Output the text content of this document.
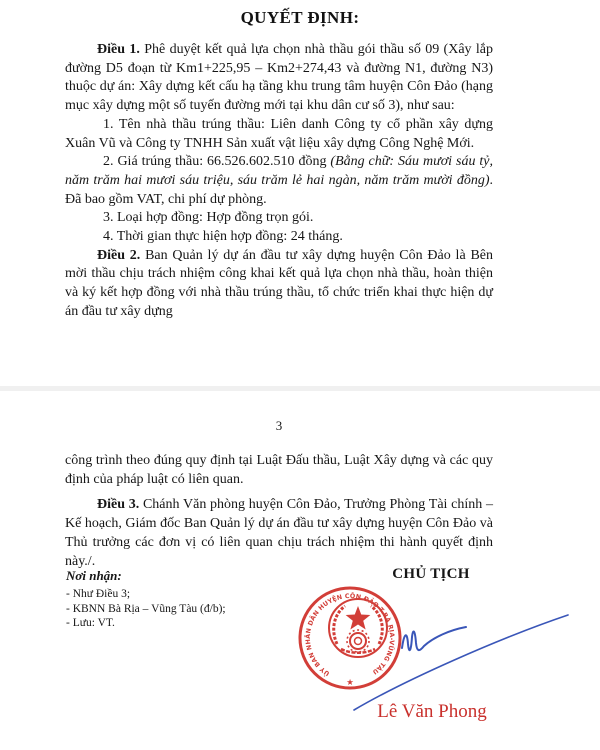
QUYẾT ĐỊNH:

Điều 1. Phê duyệt kết quả lựa chọn nhà thầu gói thầu số 09 (Xây lắp đường D5 đoạn từ Km1+225,95 – Km2+274,43 và đường N1, đường N3) thuộc dự án: Xây dựng kết cấu hạ tầng khu trung tâm huyện Côn Đảo (hạng mục xây dựng một số tuyến đường mới tại khu dân cư số 3), như sau:

1. Tên nhà thầu trúng thầu: Liên danh Công ty cổ phần xây dựng Xuân Vũ và Công ty TNHH Sản xuất vật liệu xây dựng Công Nghệ Mới.

2. Giá trúng thầu: 66.526.602.510 đồng (Bằng chữ: Sáu mươi sáu tỷ, năm trăm hai mươi sáu triệu, sáu trăm lẻ hai ngàn, năm trăm mười đồng). Đã bao gồm VAT, chi phí dự phòng.

3. Loại hợp đồng: Hợp đồng trọn gói.

4. Thời gian thực hiện hợp đồng: 24 tháng.

Điều 2. Ban Quản lý dự án đầu tư xây dựng huyện Côn Đảo là Bên mời thầu chịu trách nhiệm công khai kết quả lựa chọn nhà thầu, hoàn thiện và ký kết hợp đồng với nhà thầu trúng thầu, tổ chức triển khai thực hiện dự án đầu tư xây dựng

3

công trình theo đúng quy định tại Luật Đấu thầu, Luật Xây dựng và các quy định của pháp luật có liên quan.

Điều 3. Chánh Văn phòng huyện Côn Đảo, Trưởng Phòng Tài chính – Kế hoạch, Giám đốc Ban Quản lý dự án đầu tư xây dựng huyện Côn Đảo và Thủ trưởng các đơn vị có liên quan chịu trách nhiệm thi hành quyết định này./.

Nơi nhận:
- Như Điều 3;
- KBNN Bà Rịa – Vũng Tàu (đ/b);
- Lưu: VT.
CHỦ TỊCH
ỦY BAN NHÂN DÂN HUYỆN CÔN ĐẢO T.BÀ RỊA-VŨNG TÀU
★
Lê Văn Phong
